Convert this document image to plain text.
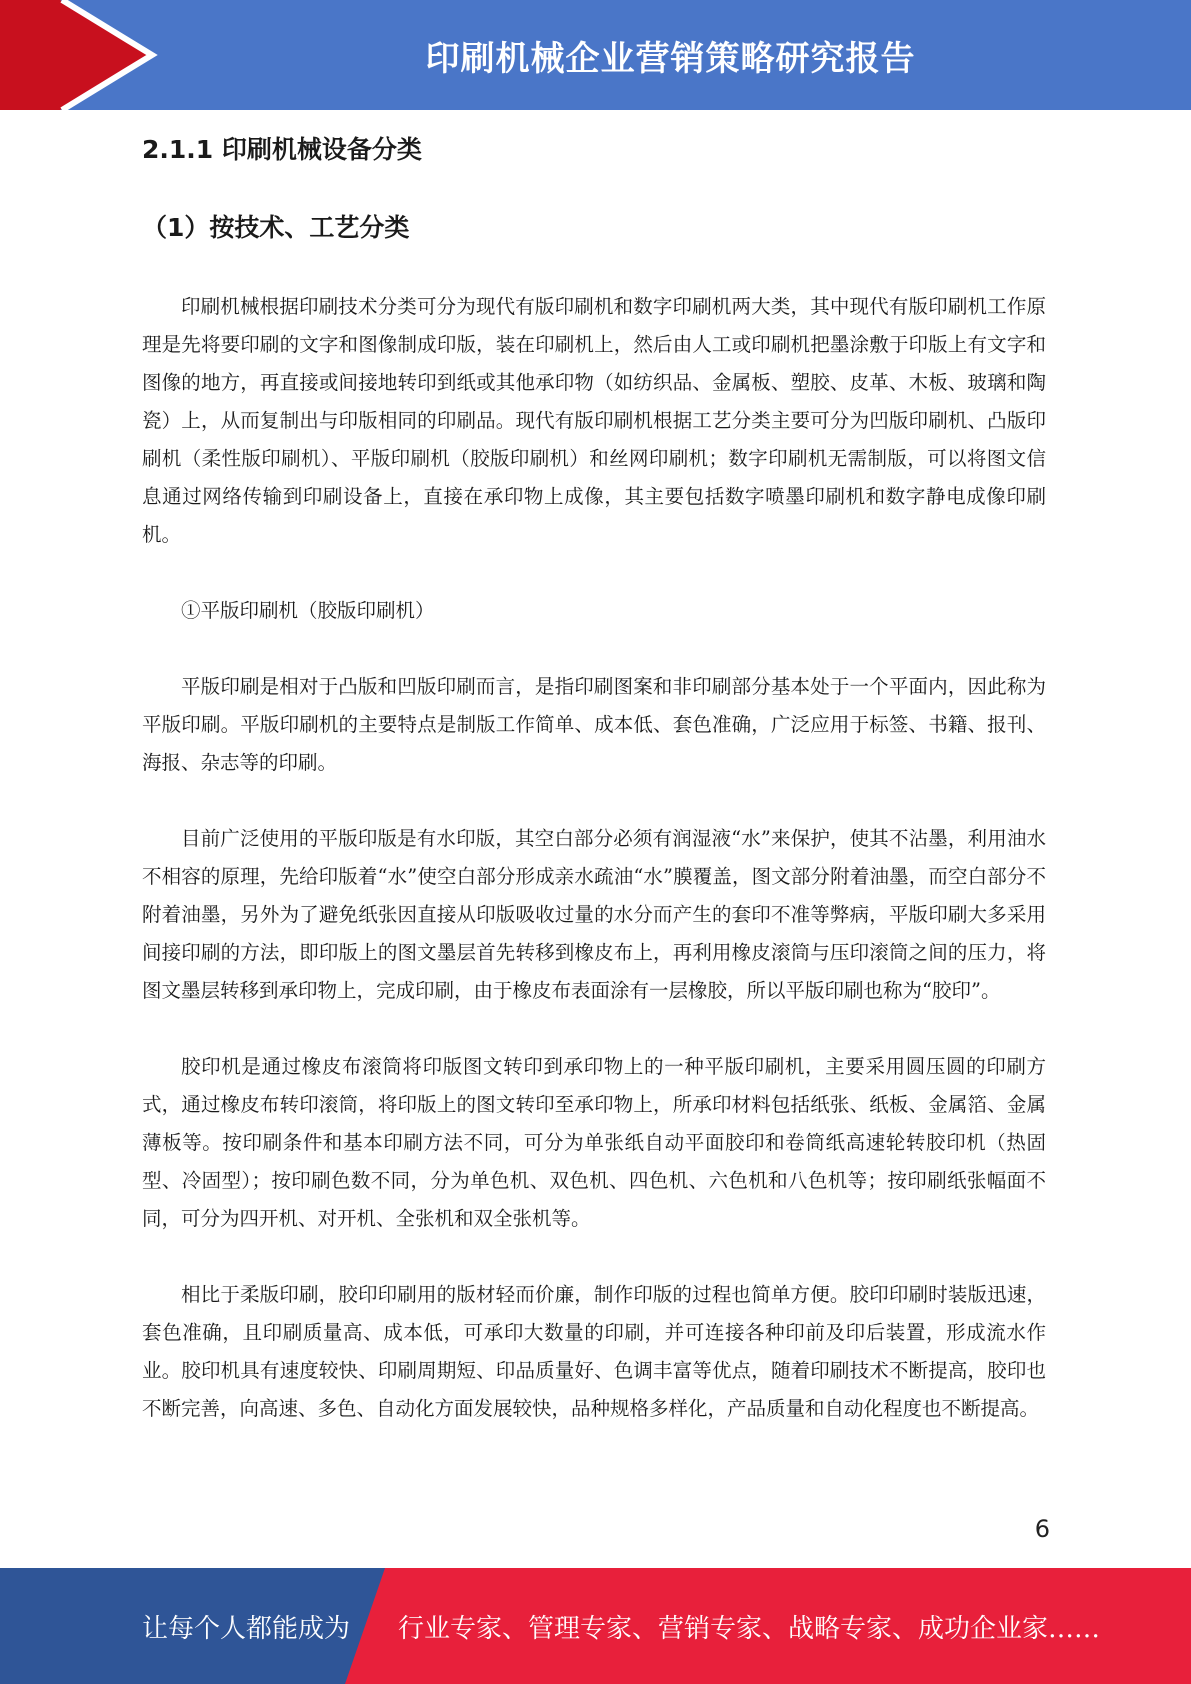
印刷机械企业营销策略研究报告
2.1.1 印刷机械设备分类
（1）按技术、工艺分类

印刷机械根据印刷技术分类可分为现代有版印刷机和数字印刷机两大类，其中现代有版印刷机工作原理是先将要印刷的文字和图像制成印版，装在印刷机上，然后由人工或印刷机把墨涂敷于印版上有文字和图像的地方，再直接或间接地转印到纸或其他承印物（如纺织品、金属板、塑胶、皮革、木板、玻璃和陶瓷）上，从而复制出与印版相同的印刷品。现代有版印刷机根据工艺分类主要可分为凹版印刷机、凸版印刷机（柔性版印刷机）、平版印刷机（胶版印刷机）和丝网印刷机；数字印刷机无需制版，可以将图文信息通过网络传输到印刷设备上，直接在承印物上成像，其主要包括数字喷墨印刷机和数字静电成像印刷机。

①平版印刷机（胶版印刷机）

平版印刷是相对于凸版和凹版印刷而言，是指印刷图案和非印刷部分基本处于一个平面内，因此称为平版印刷。平版印刷机的主要特点是制版工作简单、成本低、套色准确，广泛应用于标签、书籍、报刊、海报、杂志等的印刷。

目前广泛使用的平版印版是有水印版，其空白部分必须有润湿液“水”来保护，使其不沾墨，利用油水不相容的原理，先给印版着“水”使空白部分形成亲水疏油“水”膜覆盖，图文部分附着油墨，而空白部分不附着油墨，另外为了避免纸张因直接从印版吸收过量的水分而产生的套印不准等弊病，平版印刷大多采用间接印刷的方法，即印版上的图文墨层首先转移到橡皮布上，再利用橡皮滚筒与压印滚筒之间的压力，将图文墨层转移到承印物上，完成印刷，由于橡皮布表面涂有一层橡胶，所以平版印刷也称为“胶印”。

胶印机是通过橡皮布滚筒将印版图文转印到承印物上的一种平版印刷机，主要采用圆压圆的印刷方式，通过橡皮布转印滚筒，将印版上的图文转印至承印物上，所承印材料包括纸张、纸板、金属箔、金属薄板等。按印刷条件和基本印刷方法不同，可分为单张纸自动平面胶印和卷筒纸高速轮转胶印机（热固型、冷固型）；按印刷色数不同，分为单色机、双色机、四色机、六色机和八色机等；按印刷纸张幅面不同，可分为四开机、对开机、全张机和双全张机等。

相比于柔版印刷，胶印印刷用的版材轻而价廉，制作印版的过程也简单方便。胶印印刷时装版迅速，套色准确，且印刷质量高、成本低，可承印大数量的印刷，并可连接各种印前及印后装置，形成流水作业。胶印机具有速度较快、印刷周期短、印品质量好、色调丰富等优点，随着印刷技术不断提高，胶印也不断完善，向高速、多色、自动化方面发展较快，品种规格多样化，产品质量和自动化程度也不断提高。

6
让每个人都能成为 行业专家、管理专家、营销专家、战略专家、成功企业家……
